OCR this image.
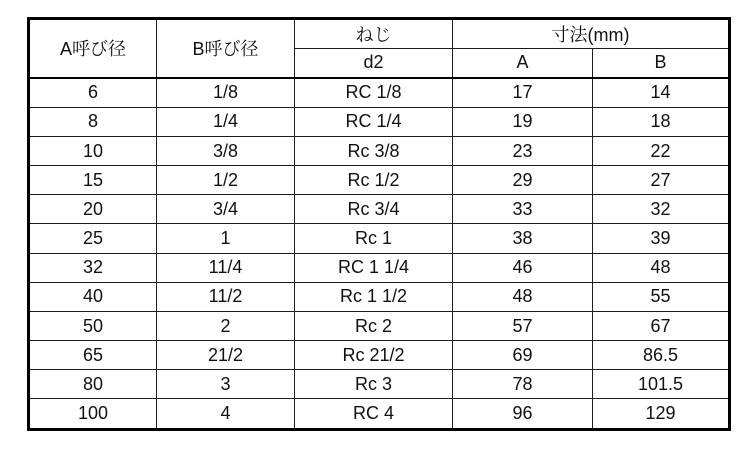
A呼び径	B呼び径	ねじ	寸法(mm)	
		d2	A	B
6	1/8	RC 1/8	17	14
8	1/4	RC 1/4	19	18
10	3/8	Rc 3/8	23	22
15	1/2	Rc 1/2	29	27
20	3/4	Rc 3/4	33	32
25	1	Rc 1	38	39
32	11/4	RC 1 1/4	46	48
40	11/2	Rc 1 1/2	48	55
50	2	Rc 2	57	67
65	21/2	Rc 21/2	69	86.5
80	3	Rc 3	78	101.5
100	4	RC 4	96	129
